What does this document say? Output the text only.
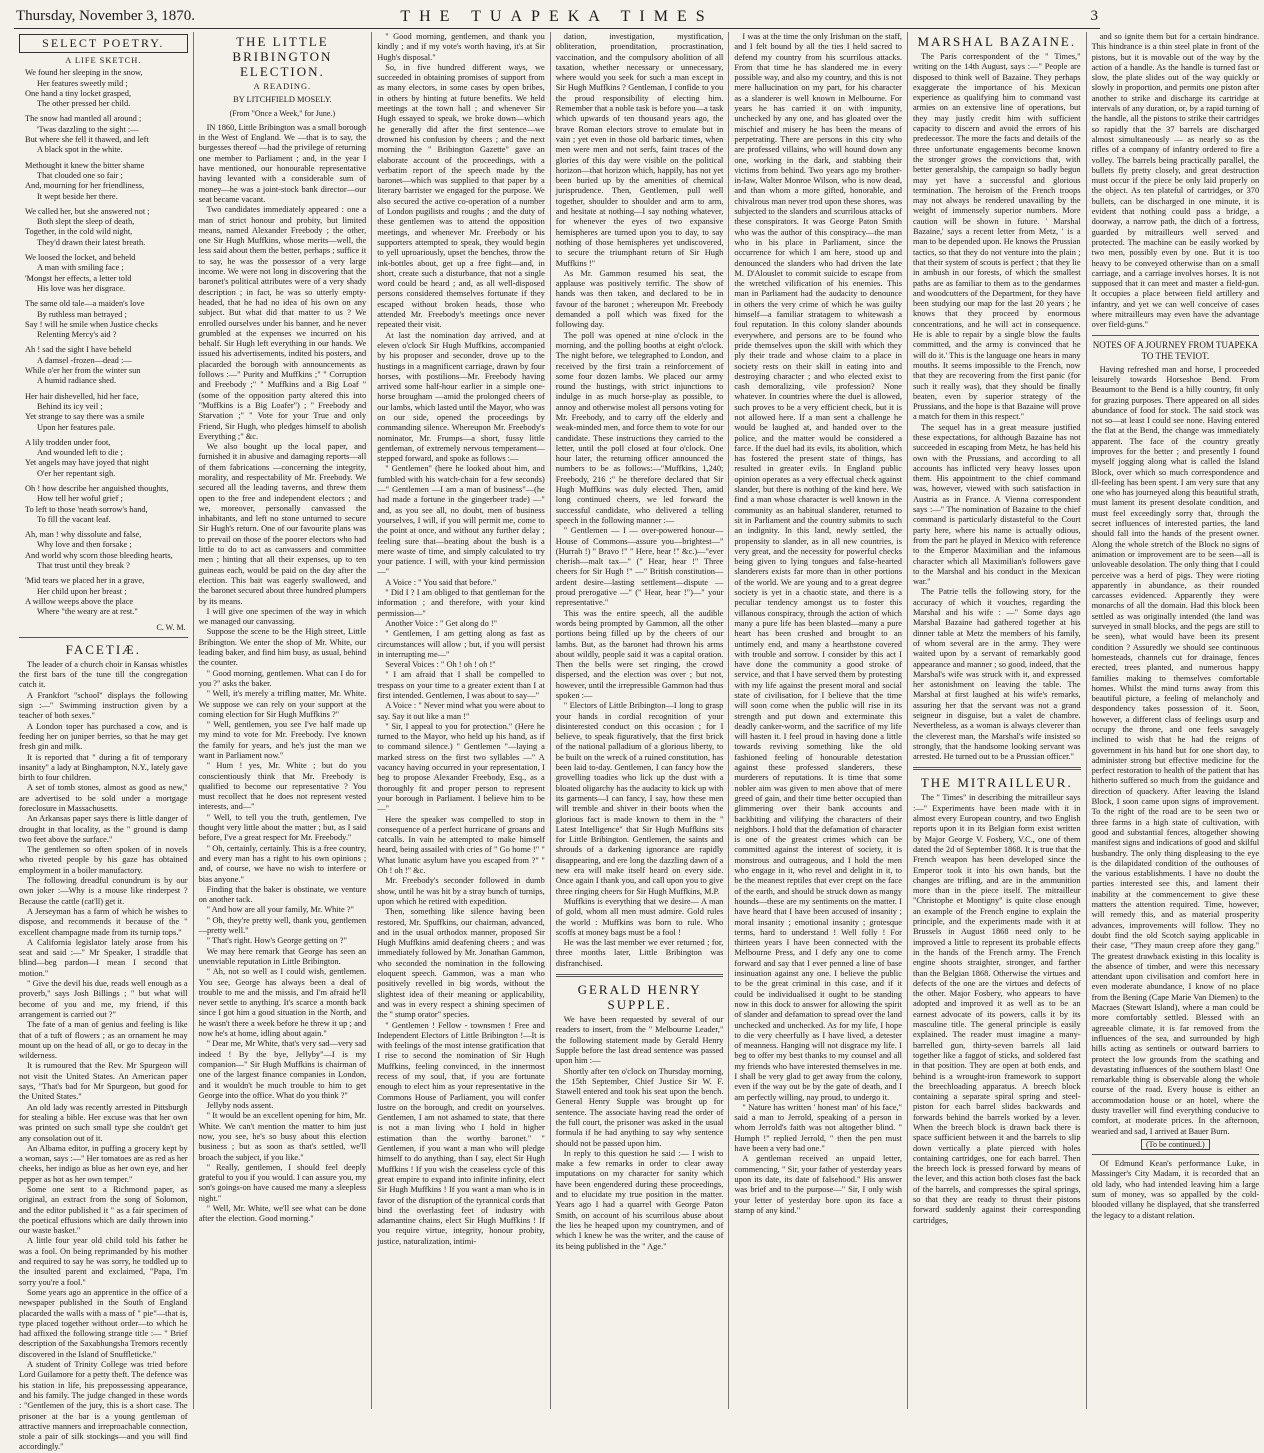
Thursday, November 3, 1870.	THE TUAPEKA TIMES	3
SELECT POETRY.
A LIFE SKETCH.
We found her sleeping in the snow,
Her features sweetly mild ;
One hand a tiny locket grasped,
The other pressed her child.
The snow had mantled all around ;
'Twas dazzling to the sight :—
But where she fell it thawed, and left
A black spot in the white.
Methought it knew the bitter shame
That clouded one so fair ;
And, mourning for her friendliness,
It wept beside her there.
We called her, but she answered not ;
Both slept the sleep of death,
Together, in the cold wild night,
They'd drawn their latest breath.
We loosed the locket, and beheld
A man with smiling face ;
'Mongst her effects, a letter told
His love was her disgrace.
The same old tale—a maiden's love
By ruthless man betrayed ;
Say ! will he smile when Justice checks
Relenting Mercy's aid ?
Ah ! sad the sight I have beheld
A damsel -frozen—dead :—
While o'er her from the winter sun
A humid radiance shed.
Her hair dishevelled, hid her face,
Behind its icy veil ;
Yet strange to say there was a smile
Upon her features pale.
A lily trodden under foot,
And wounded left to die ;
Yet angels may have joyed that night
O'er her repentant sigh.
Oh ! how describe her anguished thoughts,
How tell her woful grief ;
To left to those 'neath sorrow's hand,
To fill the vacant leaf.
Ah, man ! why dissolute and false,
Why love and then forsake ;
And world why scorn those bleeding hearts,
That trust until they break ?
'Mid tears we placed her in a grave,
Her child upon her breast ;
A willow weeps above the place
Where "the weary are at rest."
C. W. M.
FACETIÆ.

The leader of a church choir in Kansas whistles the first bars of the tune till the congregation catch it.

A Frankfort "school" displays the following sign :—" Swimming instruction given by a teacher of both sexes."

A London toper has purchased a cow, and is feeding her on juniper berries, so that he may get fresh gin and milk.

It is reported that " during a fit of temporary insanity" a lady at Binghampton, N.Y., lately gave birth to four children.

A set of tomb stones, almost as good as new," are advertised to be sold under a mortgage foreclosure in Massachusetts.

An Arkansas paper says there is little danger of drought in that locality, as the " ground is damp two feet above the surface."

The gentlemen so often spoken of in novels who riveted people by his gaze has obtained employment in a boiler manufactory.

The following dreadful conundrum is by our own joker :—Why is a mouse like rinderpest ? Because the cattle (cat'll) get it.

A Jerseyman has a farm of which he wishes to dispose, and recommends it because of the " excellent champagne made from its turnip tops."

A California legislator lately arose from his seat and said :—" Mr Speaker, I straddle that blind—beg pardon—I mean I second that motion."

" Give the devil his due, reads well enough as a proverb," says Josh Billings ; " but what will become of you and me, my friend, if this arrangement is carried out ?"

The fate of a man of genius and feeling is like that of a tuft of flowers ; as an ornament he may mount up on the head of all, or go to decay in the wilderness.

It is rumoured that the Rev. Mr Spurgeon will not visit the United States. An American paper says, "That's bad for Mr Spurgeon, but good for the United States."

An old lady was recently arrested in Pittsburgh for stealing a bible. Her excuse was that her own was printed on such small type she couldn't get any consolation out of it.

An Albama editor, in puffing a grocery kept by a woman, says :—" Her tomatoes are as red as her cheeks, her indigo as blue as her own eye, and her pepper as hot as her own temper."

Some one sent to a Richmond paper, as original, an extract from the song of Solomon, and the editor published it " as a fair specimen of the poetical effusions which are daily thrown into our waste basket."

A little four year old child told his father he was a fool. On being reprimanded by his mother and required to say he was sorry, he toddled up to the insulted parent and exclaimed, "Papa, I'm sorry you're a fool."

Some years ago an apprentice in the office of a newspaper published in the South of England placarded the walls with a mass of " pie"—that is, type placed together without order—to which he had affixed the following strange title :— " Brief description of the Saxabhungsha Tremors recently discovered in the Island of Snuffleticke."

A student of Trinity College was tried before Lord Guilamore for a petty theft. The defence was his station in life, his prepossessing appearance, and his family. The judge changed in these words : "Gentlemen of the jury, this is a short case. The prisoner at the bar is a young gentleman of attractive manners and irreproachable connection, stole a pair of silk stockings—and you will find accordingly."

THE LITTLE BRIBINGTON ELECTION.
A READING.
BY LITCHFIELD MOSELY.
(From "Once a Week," for June.)

IN 1860, Little Bribington was a small borough in the West of England. We —that is to say, the burgesses thereof —had the privilege of returning one member to Parliament ; and, in the year I have mentioned, our honourable representative having levanted with a considerable sum of money—he was a joint-stock bank director—our seat became vacant.

Two candidates immediately appeared : one a man of strict honour and probity, but limited means, named Alexander Freebody ; the other, one Sir Hugh Muffkins, whose merits—well, the less said about them the better, perhaps ; suffice it to say, he was the possessor of a very large income. We were not long in discovering that the baronet's political attributes were of a very shady description ; in fact, he was so utterly empty-headed, that he had no idea of his own on any subject. But what did that matter to us ? We enrolled ourselves under his banner, and he never grumbled at the expenses we incurred on his behalf. Sir Hugh left everything in our hands. We issued his advertisements, indited his posters, and placarded the borough with announcements as follows :—" Purity and Muffkins ;" " Corruption and Freebody ;" " Muffkins and a Big Loaf " (some of the opposition party altered this into "Muffkins is a Big Loafer") ; " Freebody and Starvation ;" " Vote for your True and only Friend, Sir Hugh, who pledges himself to abolish Everything ;" &c.

We also bought up the local paper, and furnished it in abusive and damaging reports—all of them fabrications —concerning the integrity, morality, and respectability of Mr. Freebody. We secured all the leading taverns, and threw them open to the free and independent electors ; and we, moreover, personally canvassed the inhabitants, and left no stone unturned to secure Sir Hugh's return. One of our favourite plans was to prevail on those of the poorer electors who had little to do to act as canvassers and committee men ; hinting that all their expenses, up to ten guineas each, would be paid on the day after the election. This bait was eagerly swallowed, and the baronet secured about three hundred plumpers by its means.

I will give one specimen of the way in which we managed our canvassing.

Suppose the scene to be the High street, Little Bribington. We enter the shop of Mr. White, our leading baker, and find him busy, as usual, behind the counter.

" Good morning, gentlemen. What can I do for you ?" asks the baker.

" Well, it's merely a trifling matter, Mr. White. We suppose we can rely on your support at the coming election for Sir Hugh Muffkins ?"

" Well, gentlemen, you see I've half made up my mind to vote for Mr. Freebody. I've known the family for years, and he's just the man we want in Parliament now."

" Hum ! yes, Mr. White ; but do you conscientiously think that Mr. Freebody is qualified to become our representative ? You must recollect that he does not represent vested interests, and—"

" Well, to tell you the truth, gentlemen, I've thought very little about the matter ; but, as I said before, I've a great respect for Mr. Freebody."

" Oh, certainly, certainly. This is a free country, and every man has a right to his own opinions ; and, of course, we have no wish to interfere or bias anyone."

Finding that the baker is obstinate, we venture on another tack.

" And how are all your family, Mr. White ?"

" Oh, they're pretty well, thank you, gentlemen—pretty well."

" That's right. How's George getting on ?"

We may here remark that George has seen an unenviable reputation in Little Bribington.

" Ah, not so well as I could wish, gentlemen. You see, George has always been a deal of trouble to me and the missis, and I'm afraid he'll never settle to anything. It's scarce a month back since I got him a good situation in the North, and he wasn't there a week before he threw it up ; and now he's at home, idling about again."

" Dear me, Mr White, that's very sad—very sad indeed ! By the bye, Jellyby"—I is my companion—" Sir Hugh Muffkins is chairman of one of the largest finance companies in London, and it wouldn't be much trouble to him to get George into the office. What do you think ?"

Jellyby nods assent.

" It would be an excellent opening for him, Mr. White. We can't mention the matter to him just now, you see, he's so busy about this election business ; but as soon as that's settled, we'll broach the subject, if you like."

" Really, gentlemen, I should feel deeply grateful to you if you would. I can assure you, my son's goings-on have caused me many a sleepless night."

" Well, Mr. White, we'll see what can be done after the election. Good morning."

" Good morning, gentlemen, and thank you kindly ; and if my vote's worth having, it's at Sir Hugh's disposal."

So, in five hundred different ways, we succeeded in obtaining promises of support from as many electors, in some cases by open bribes, in others by hinting at future benefits. We held meetings at the town hall ; and whenever Sir Hugh essayed to speak, we broke down—which he generally did after the first sentence—we drowned his confusion by cheers ; and the next morning the " Bribington Gazette" gave an elaborate account of the proceedings, with a verbatim report of the speech made by the baronet—which was supplied to that paper by a literary barrister we engaged for the purpose. We also secured the active co-operation of a number of London pugilists and roughs ; and the duty of these gentlemen was to attend the opposition meetings, and whenever Mr. Freebody or his supporters attempted to speak, they would begin to yell uproariously, upset the benches, throw the ink-bottles about, get up a free fight—and, in short, create such a disturbance, that not a single word could be heard ; and, as all well-disposed persons considered themselves fortunate if they escaped without broken heads, those who attended Mr. Freebody's meetings once never repeated their visit.

At last the nomination day arrived, and at eleven o'clock Sir Hugh Muffkins, accompanied by his proposer and seconder, drove up to the hustings in a magnificent carriage, drawn by four horses, with postilions—Mr. Freebody having arrived some half-hour earlier in a simple one-horse brougham —amid the prolonged cheers of our lambs, which lasted until the Mayor, who was on our side, opened the proceedings by commanding silence. Whereupon Mr. Freebody's nominator, Mr. Frumps—a short, fussy little gentleman, of extremely nervous temperament—stepped forward, and spoke as follows :—

" Gentlemen" (here he looked about him, and fumbled with his watch-chain for a few seconds) —" Gentlemen —I am a man of business"—(he had made a fortune in the gingerbeer trade) —" and, as you see all, no doubt, men of business yourselves, I will, if you will permit me, come to the point at once, and without any further delay ; feeling sure that—beating about the bush is a mere waste of time, and simply calculated to try your patience. I will, with your kind permission—"

A Voice : " You said that before."

" Did I ? I am obliged to that gentleman for the information ; and therefore, with your kind permission—"

Another Voice : " Get along do !"

" Gentlemen, I am getting along as fast as circumstances will allow ; but, if you will persist in interrupting me—"

Several Voices : " Oh ! oh ! oh !"

" I am afraid that I shall be compelled to trespass on your time to a greater extent than I at first intended. Gentlemen, I was about to say—"

A Voice : " Never mind what you were about to say. Say it out like a man !"

" Sir, I appeal to you for protection." (Here he turned to the Mayor, who held up his hand, as if to command silence.) " Gentlemen "—laying a marked stress on the first two syllables —" A vacancy having occurred in your representation, I beg to propose Alexander Freebody, Esq., as a thoroughly fit and proper person to represent your borough in Parliament. I believe him to be—"

Here the speaker was compelled to stop in consequence of a perfect hurricane of groans and catcalls. In vain he attempted to make himself heard, being assailed with cries of " Go home !" " What lunatic asylum have you escaped from ?" " Oh ! oh !" &c.

Mr. Freebody's seconder followed in dumb show, until he was hit by a stray bunch of turnips, upon which he retired with expedition.

Then, something like silence having been restored, Mr. Spuffkins, our chairman, advanced, and in the usual orthodox manner, proposed Sir Hugh Muffkins amid deafening cheers ; and was immediately followed by Mr. Jonathan Gammon, who seconded the nomination in the following eloquent speech. Gammon, was a man who positively revelled in big words, without the slightest idea of their meaning or applicability, and was in every respect a shining specimen of the " stump orator" species.

" Gentlemen ! Fellow - townsmen ! Free and Independent Electors of Little Bribington !—It is with feelings of the most intense gratification that I rise to second the nomination of Sir Hugh Muffkins, feeling convinced, in the innermost recess of my soul, that, if you are fortunate enough to elect him as your representative in the Commons House of Parliament, you will confer lustre on the borough, and credit on yourselves. Gentlemen, I am not ashamed to state, that there is not a man living who I hold in higher estimation than the worthy baronet." " Gentlemen, if you want a man who will pledge himself to do anything, than I say, elect Sir Hugh Muffkins ! If you wish the ceaseless cycle of this great empire to expand into infinite infinity, elect Sir Hugh Muffkins ! If you want a man who is in favor of the disruption of the tyrannical cords that bind the overlasting feet of industry with adamantine chains, elect Sir Hugh Muffkins ! If you require virtue, integrity, honour probity, justice, naturalization, intimi-

dation, investigation, mystification, obliteration, proenditation, procrastination, vaccination, and the compulsory abolition of all taxation, whether necessary or unnecessary, where would you seek for such a man except in Sir Hugh Muffkins ? Gentleman, I confide to you the proud responsibility of electing him. Remember that a noble task is before you—a task which upwards of ten thousand years ago, the brave Roman electors strove to emulate but in vain ; yet even in those old barbaric times, when men were men and not serfs, faint traces of the glories of this day were visible on the political horizon—that horizon which, happily, has not yet been buried up by the amenities of chemical jurisprudence. Then, Gentlemen, pull well together, shoulder to shoulder and arm to arm, and hesitate at nothing—I say nothing whatever, for whenever the eyes of two expansive hemispheres are turned upon you to day, to say nothing of those hemispheres yet undiscovered, to secure the triumphant return of Sir Hugh Muffkins !"

As Mr. Gammon resumed his seat, the applause was positively terrific. The show of hands was then taken, and declared to be in favour of the baronet ; whereupon Mr. Freebody demanded a poll which was fixed for the following day.

The poll was opened at nine o'clock in the morning, and the polling booths at eight o'clock. The night before, we telegraphed to London, and received by the first train a reinforcement of some four dozen lambs. We placed our army round the hustings, with strict injunctions to indulge in as much horse-play as possible, to annoy and otherwise molest all persons voting for Mr. Freebody, and to carry off the elderly and weak-minded men, and force them to vote for our candidate. These instructions they carried to the letter, until the poll closed at four o'clock. One hour later, the returning officer announced the numbers to be as follows:—"Muffkins, 1,240; Freebody, 216 ;" he therefore declared that Sir Hugh Muffkins was duly elected. Then, amid long continued cheers, we led forward the successful candidate, who delivered a telling speech in the following manner :—

" Gentlemen — I — over-powered honour—House of Commons—assure you—brightest—" (Hurrah !) " Bravo !" " Here, hear !" &c.)—"ever cherish—malt tax—" (" Hear, hear !" Three cheers for Sir Hugh !" —" British constitution—ardent desire—lasting settlement—dispute — proud prerogative —" (" Hear, hear !")—" your representative."

This was the entire speech, all the audible words being prompted by Gammon, all the other portions being filled up by the cheers of our lambs. But, as the baronet had thrown his arms about wildly, people said it was a capital oration. Then the bells were set ringing, the crowd dispersed, and the election was over ; but not, however, until the irrepressible Gammon had thus spoken :—

" Electors of Little Bribington—I long to grasp your hands in cordial recognition of your disinterested conduct on this occasion ; for I believe, to speak figuratively, that the first brick of the national palladium of a glorious liberty, to be built on the wreck of a ruined constitution, has been laid to-day. Gentlemen, I can fancy how the grovelling toadies who lick up the dust with a bloated oligarchy has the audacity to kick up with its garments—I can fancy, I say, how these men will tremble and shiver in their boots when the glorious fact is made known to them in the " Latest Intelligence" that Sir Hugh Muffkins sits for Little Bribington. Gentlemen, the saints and shrouds of a darkening ignorance are rapidly disappearing, and ere long the dazzling dawn of a new era will make itself heard on every side. Once again I thank you, and call upon you to give three ringing cheers for Sir Hugh Muffkins, M.P.

Muffkins is everything that we desire— A man of gold, whom all men must admire. Gold rules the world : Muffkins was born to rule. Who scoffs at money bags must be a fool !

He was the last member we ever returned ; for, three months later, Little Bribington was disfranchised.

GERALD HENRY SUPPLE.

We have been requested by several of our readers to insert, from the " Melbourne Leader," the following statement made by Gerald Henry Supple before the last dread sentence was passed upon him :—

Shortly after ten o'clock on Thursday morning, the 15th September, Chief Justice Sir W. F. Stawell entered and took his seat upon the bench. General Henry Supple was brought up for sentence. The associate having read the order of the full court, the prisoner was asked in the usual formula if he had anything to say why sentence should not be passed upon him.

In reply to this question he said :— I wish to make a few remarks in order to clear away imputations on my character for sanity which have been engendered during these proceedings, and to elucidate my true position in the matter. Years ago I had a quarrel with George Paton Smith, on account of his scurrilous abuse about the lies he heaped upon my countrymen, and of which I knew he was the writer, and the cause of its being published in the " Age."

I was at the time the only Irishman on the staff, and I felt bound by all the ties I held sacred to defend my country from his scurrilous attacks. From that time he has slandered me in every possible way, and also my country, and this is not mere hallucination on my part, for his character as a slanderer is well known in Melbourne. For years he has carried it on with impunity, unchecked by any one, and has gloated over the mischief and misery he has been the means of perpetrating. There are persons in this city who are professed villains, who will hound down any one, working in the dark, and stabbing their victims from behind. Two years ago my brother-in-law, Walter Monroe Wilson, who is now dead, and than whom a more gifted, honorable, and chivalrous man never trod upon these shores, was subjected to the slanders and scurrilous attacks of these conspirators. It was George Paton Smith who was the author of this conspiracy—the man who in his place in Parliament, since the occurrence for which I am here, stood up and denounced the slanders who had driven the late M. D'Alouslet to commit suicide to escape from the wretched vilification of his enemies. This man in Parliament had the audacity to denounce in others the very crime of which he was guilty himself—a familiar stratagem to whitewash a foul reputation. In this colony slander abounds everywhere, and persons are to be found who pride themselves upon the skill with which they ply their trade and whose claim to a place in society rests on their skill in eating into and destroying character ; and who elected exist to cash demoralizing, vile profession? None whatever. In countries where the duel is allowed, such proves to be a very efficient check, but it is not allowed here. If a man sent a challenge he would be laughed at, and handed over to the police, and the matter would be considered a farce. If the duel had its evils, its abolition, which has fostered the present state of things, has resulted in greater evils. In England public opinion operates as a very effectual check against slander, but there is nothing of the kind here. We find a man whose character is well known in the community as an habitual slanderer, returned to sit in Parliament and the country submits to such an indignity. In this land, newly settled, the propensity to slander, as in all new countries, is very great, and the necessity for powerful checks being given to lying tongues and false-hearted slanderers exists far more than in other portions of the world. We are young and to a great degree society is yet in a chaotic state, and there is a peculiar tendency amongst us to foster this villanous conspiracy, through the action of which many a pure life has been blasted—many a pure heart has been crushed and brought to an untimely end, and many a hearthstone covered with trouble and sorrow. I consider by this act I have done the community a good stroke of service, and that I have served them by protesting with my life against the present moral and social state of civilisation, for I believe that the time will soon come when the public will rise in its strength and put down and exterminate this deadly canker-worm, and the sacrifice of my life will hasten it. I feel proud in having done a little towards reviving something like the old fashioned feeling of honourable detestation against these professed slanderers, these murderers of reputations. It is time that some nobler aim was given to men above that of mere greed of gain, and their time better occupied than glimmering over their bank accounts and backbiting and vilifying the characters of their neighbors. I hold that the defamation of character is one of the greatest crimes which can be committed against the interest of society, it is monstrous and outrageous, and I hold the men who engage in it, who revel and delight in it, to be the meanest reptiles that ever crept on the face of the earth, and should be struck down as mangy hounds—these are my sentiments on the matter. I have heard that I have been accused of insanity ; moral insanity ; emotional insanity ; grotesque terms, hard to understand ! Well folly ! For thirteen years I have been connected with the Melbourne Press, and I defy any one to come forward and say that I ever penned a line of base insinuation against any one. I believe the public to be the great criminal in this case, and if it could be individualised it ought to be standing now in this dock to answer for allowing the spirit of slander and defamation to spread over the land unchecked and unchecked. As for my life, I hope to die very cheerfully as I have lived, a detester of meanness. Hanging will not disgrace my life. I beg to offer my best thanks to my counsel and all my friends who have interested themselves in me. I shall be very glad to get away from the colony, even if the way out be by the gate of death, and I am perfectly willing, nay proud, to undergo it.

" Nature has written ' honest man' of his face," said a man to Jerrold, speaking of a person in whom Jerrold's faith was not altogether blind. " Humph !" replied Jerrold, " then the pen must have been a very bad one."

A gentleman received an unpaid letter, commencing, " Sir, your father of yesterday years upon its date, its date of falsehood." His answer was brief and to the purpose—" Sir, I only wish your letter of yesterday bore upon its face a stamp of any kind."

MARSHAL BAZAINE.

The Paris correspondent of the " Times," writing on the 14th August, says :—" People are disposed to think well of Bazaine. They perhaps exaggerate the importance of his Mexican experience as qualifying him to command vast armies on an extensive line of operations, but they may justly credit him with sufficient capacity to discern and avoid the errors of his predecessor. The more the facts and details of the three unfortunate engagements become known the stronger grows the convictions that, with better generalship, the campaign so badly begun may yet have a successful and glorious termination. The heroism of the French troops may not always be rendered unavailing by the weight of immensely superior numbers. More caution will be shown in future. ' Marshal Bazaine,' says a recent letter from Metz, ' is a man to be depended upon. He knows the Prussian tactics, so that they do not venture into the plain ; that their system of scouts is perfect ; that they lie in ambush in our forests, of which the smallest paths are as familiar to them as to the gendarmes and woodcutters of the Department, for they have been studying our map for the last 20 years ; he knows that they proceed by enormous concentrations, and he will act in consequence. He is able to repair by a single blow the faults committed, and the army is convinced that he will do it.' This is the language one hears in many mouths. It seems impossible to the French, now that they are recovering from the first panic (for such it really was), that they should be finally beaten, even by superior strategy of the Prussians, and the hope is that Bazaine will prove a match for them in this respect."

The sequel has in a great measure justified these expectations, for although Bazaine has not succeeded in escaping from Metz, he has held his own with the Prussians, and according to all accounts has inflicted very heavy losses upon them. His appointment to the chief command was, however, viewed with such satisfaction in Austria as in France. A Vienna correspondent says :—" The nomination of Bazaine to the chief command is particularly distasteful to the Court party here, where his name is actually odious, from the part he played in Mexico with reference to the Emperor Maximilian and the infamous character which all Maximilian's followers gave to the Marshal and his conduct in the Mexican war."

The Patrie tells the following story, for the accuracy of which it vouches, regarding the Marshal and his wife : —" Some days ago Marshal Bazaine had gathered together at his dinner table at Metz the members of his family, of whom several are in the army. They were waited upon by a servant of remarkably good appearance and manner ; so good, indeed, that the Marshal's wife was struck with it, and expressed her astonishment on leaving the table. The Marshal at first laughed at his wife's remarks, assuring her that the servant was not a grand seigneur in disguise, but a valet de chambre. Nevertheless, as a woman is always cleverer than the cleverest man, the Marshal's wife insisted so strongly, that the handsome looking servant was arrested. He turned out to be a Prussian officer."

THE MITRAILLEUR.

The " Times" in describing the mitrailleur says :—" Experiments have been made with it in almost every European country, and two English reports upon it in its Belgian form exist written by Major George V. Fosbery, V.C., one of them dated the 2d of September 1868. It is true that the French weapon has been developed since the Emperor took it into his own hands, but the changes are trifling, and are in the ammunition more than in the piece itself. The mitrailleur "Christophe et Montigny" is quite close enough an example of the French engine to explain the principle, and the experiments made with it at Brussels in August 1868 need only to be improved a little to represent its probable effects in the hands of the French army. The French engine shoots straighter, stronger, and farther than the Belgian 1868. Otherwise the virtues and defects of the one are the virtues and defects of the other. Major Fosbery, who appears to have adopted and improved it as well as to be an earnest advocate of its powers, calls it by its masculine title. The general principle is easily explained. The reader must imagine a many-barrelled gun, thirty-seven barrels all laid together like a faggot of sticks, and soldered fast in that position. They are open at both ends, and behind is a wrought-iron framework to support the breechloading apparatus. A breech block containing a separate spiral spring and steel-piston for each barrel slides backwards and forwards behind the barrels worked by a lever. When the breech block is drawn back there is space sufficient between it and the barrels to slip down vertically a plate pierced with holes containing cartridges, one for each barrel. Then the breech lock is pressed forward by means of the lever, and this action both closes fast the back of the barrels, and compresses the spiral springs, so that they are ready to thrust their pistons forward suddenly against their corresponding cartridges,

and so ignite them but for a certain hindrance. This hindrance is a thin steel plate in front of the pistons, but it is movable out of the way by the action of a handle. As the handle is turned fast or slow, the plate slides out of the way quickly or slowly in proportion, and permits one piston after another to strike and discharge its cartridge at intervals of any duration, or, by a rapid turning of the handle, all the pistons to strike their cartridges so rapidly that the 37 barrels are discharged almost simultaneously — as nearly so as the rifles of a company of infantry ordered to fire a volley. The barrels being practically parallel, the bullets fly pretty closely, and great destruction must occur if the piece be only laid properly on the object. As ten plateful of cartridges, or 370 bullets, can be discharged in one minute, it is evident that nothing could pass a bridge, a doorway, a narrow path, the ditch of a fortress, guarded by mitrailleurs well served and protected. The machine can be easily worked by two men, possibly even by one. But it is too heavy to be conveyed otherwise than on a small carriage, and a carriage involves horses. It is not supposed that it can meet and master a field-gun. It occupies a place between field artillery and infantry, and yet we can well conceive of cases where mitrailleurs may even have the advantage over field-guns."

NOTES OF A JOURNEY FROM TUAPEKA TO THE TEVIOT.

Having refreshed man and horse, I proceeded leisurely towards Horseshoe Bend. From Beaumont to the Bend is a hilly country, fit only for grazing purposes. There appeared on all sides abundance of food for stock. The said stock was not so—at least I could see none. Having entered the flat at the Bend, the change was immediately apparent. The face of the country greatly improves for the better ; and presently I found myself jogging along what is called the Island Block, over which so much correspondence and ill-feeling has been spent. I am very sure that any one who has journeyed along this beautiful strath, must lament its present desolate condition, and must feel exceedingly sorry that, through the secret influences of interested parties, the land should fall into the hands of the present owner. Along the whole stretch of the Block no signs of animation or improvement are to be seen—all is unloveable desolation. The only thing that I could perceive was a herd of pigs. They were rioting apparently in abundance, as their rounded carcasses evidenced. Apparently they were monarchs of all the domain. Had this block been settled as was originally intended (the land was surveyed in small blocks, and the pegs are still to be seen), what would have been its present condition ? Assuredly we should see continuous homesteads, channels cut for drainage, fences erected, trees planted, and numerous happy families making to themselves comfortable homes. Whilst the mind turns away from this beautiful picture, a feeling of melancholy and despondency takes possession of it. Soon, however, a different class of feelings usurp and occupy the throne, and one feels savagely inclined to wish that he had the reigns of government in his hand but for one short day, to administer strong but effective medicine for the perfect restoration to health of the patient that has hitherto suffered so much from the guidance and direction of quackery. After leaving the Island Block, I soon came upon signs of improvement. To the right of the road are to be seen two or three farms in a high state of cultivation, with good and substantial fences, altogether showing manifest signs and indications of good and skilful husbandry. The only thing displeasing to the eye is the dilapidated condition of the outhouses of the various establishments. I have no doubt the parties interested see this, and lament their inability at the commencement to give these matters the attention required. Time, however, will remedy this, and as material prosperity advances, improvements will follow. They no doubt find the old Scotch saying applicable in their case, "They maun creep afore they gang." The greatest drawback existing in this locality is the absence of timber, and were this necessary attendant upon civilisation and comfort here in even moderate abundance, I know of no place from the Bening (Cape Marie Van Diemen) to the Macraes (Stewart Island), where a man could be more comfortably settled. Blessed with an agreeable climate, it is far removed from the influences of the sea, and surrounded by high hills acting as sentinels or outward barriers to protect the low grounds from the scathing and devastating influences of the southern blast! One remarkable thing is observable along the whole course of the road. Every house is either an accommodation house or an hotel, where the dusty traveller will find everything conducive to comfort, at moderate prices. In the afternoon, wearied and sad, I arrived at Bauer Burn.

(To be continued.)

Of Edmund Kean's performance Luke, in Massinger's City Madam, it is recorded that an old lady, who had intended leaving him a large sum of money, was so appalled by the cold-blooded villany he displayed, that she transferred the legacy to a distant relation.
